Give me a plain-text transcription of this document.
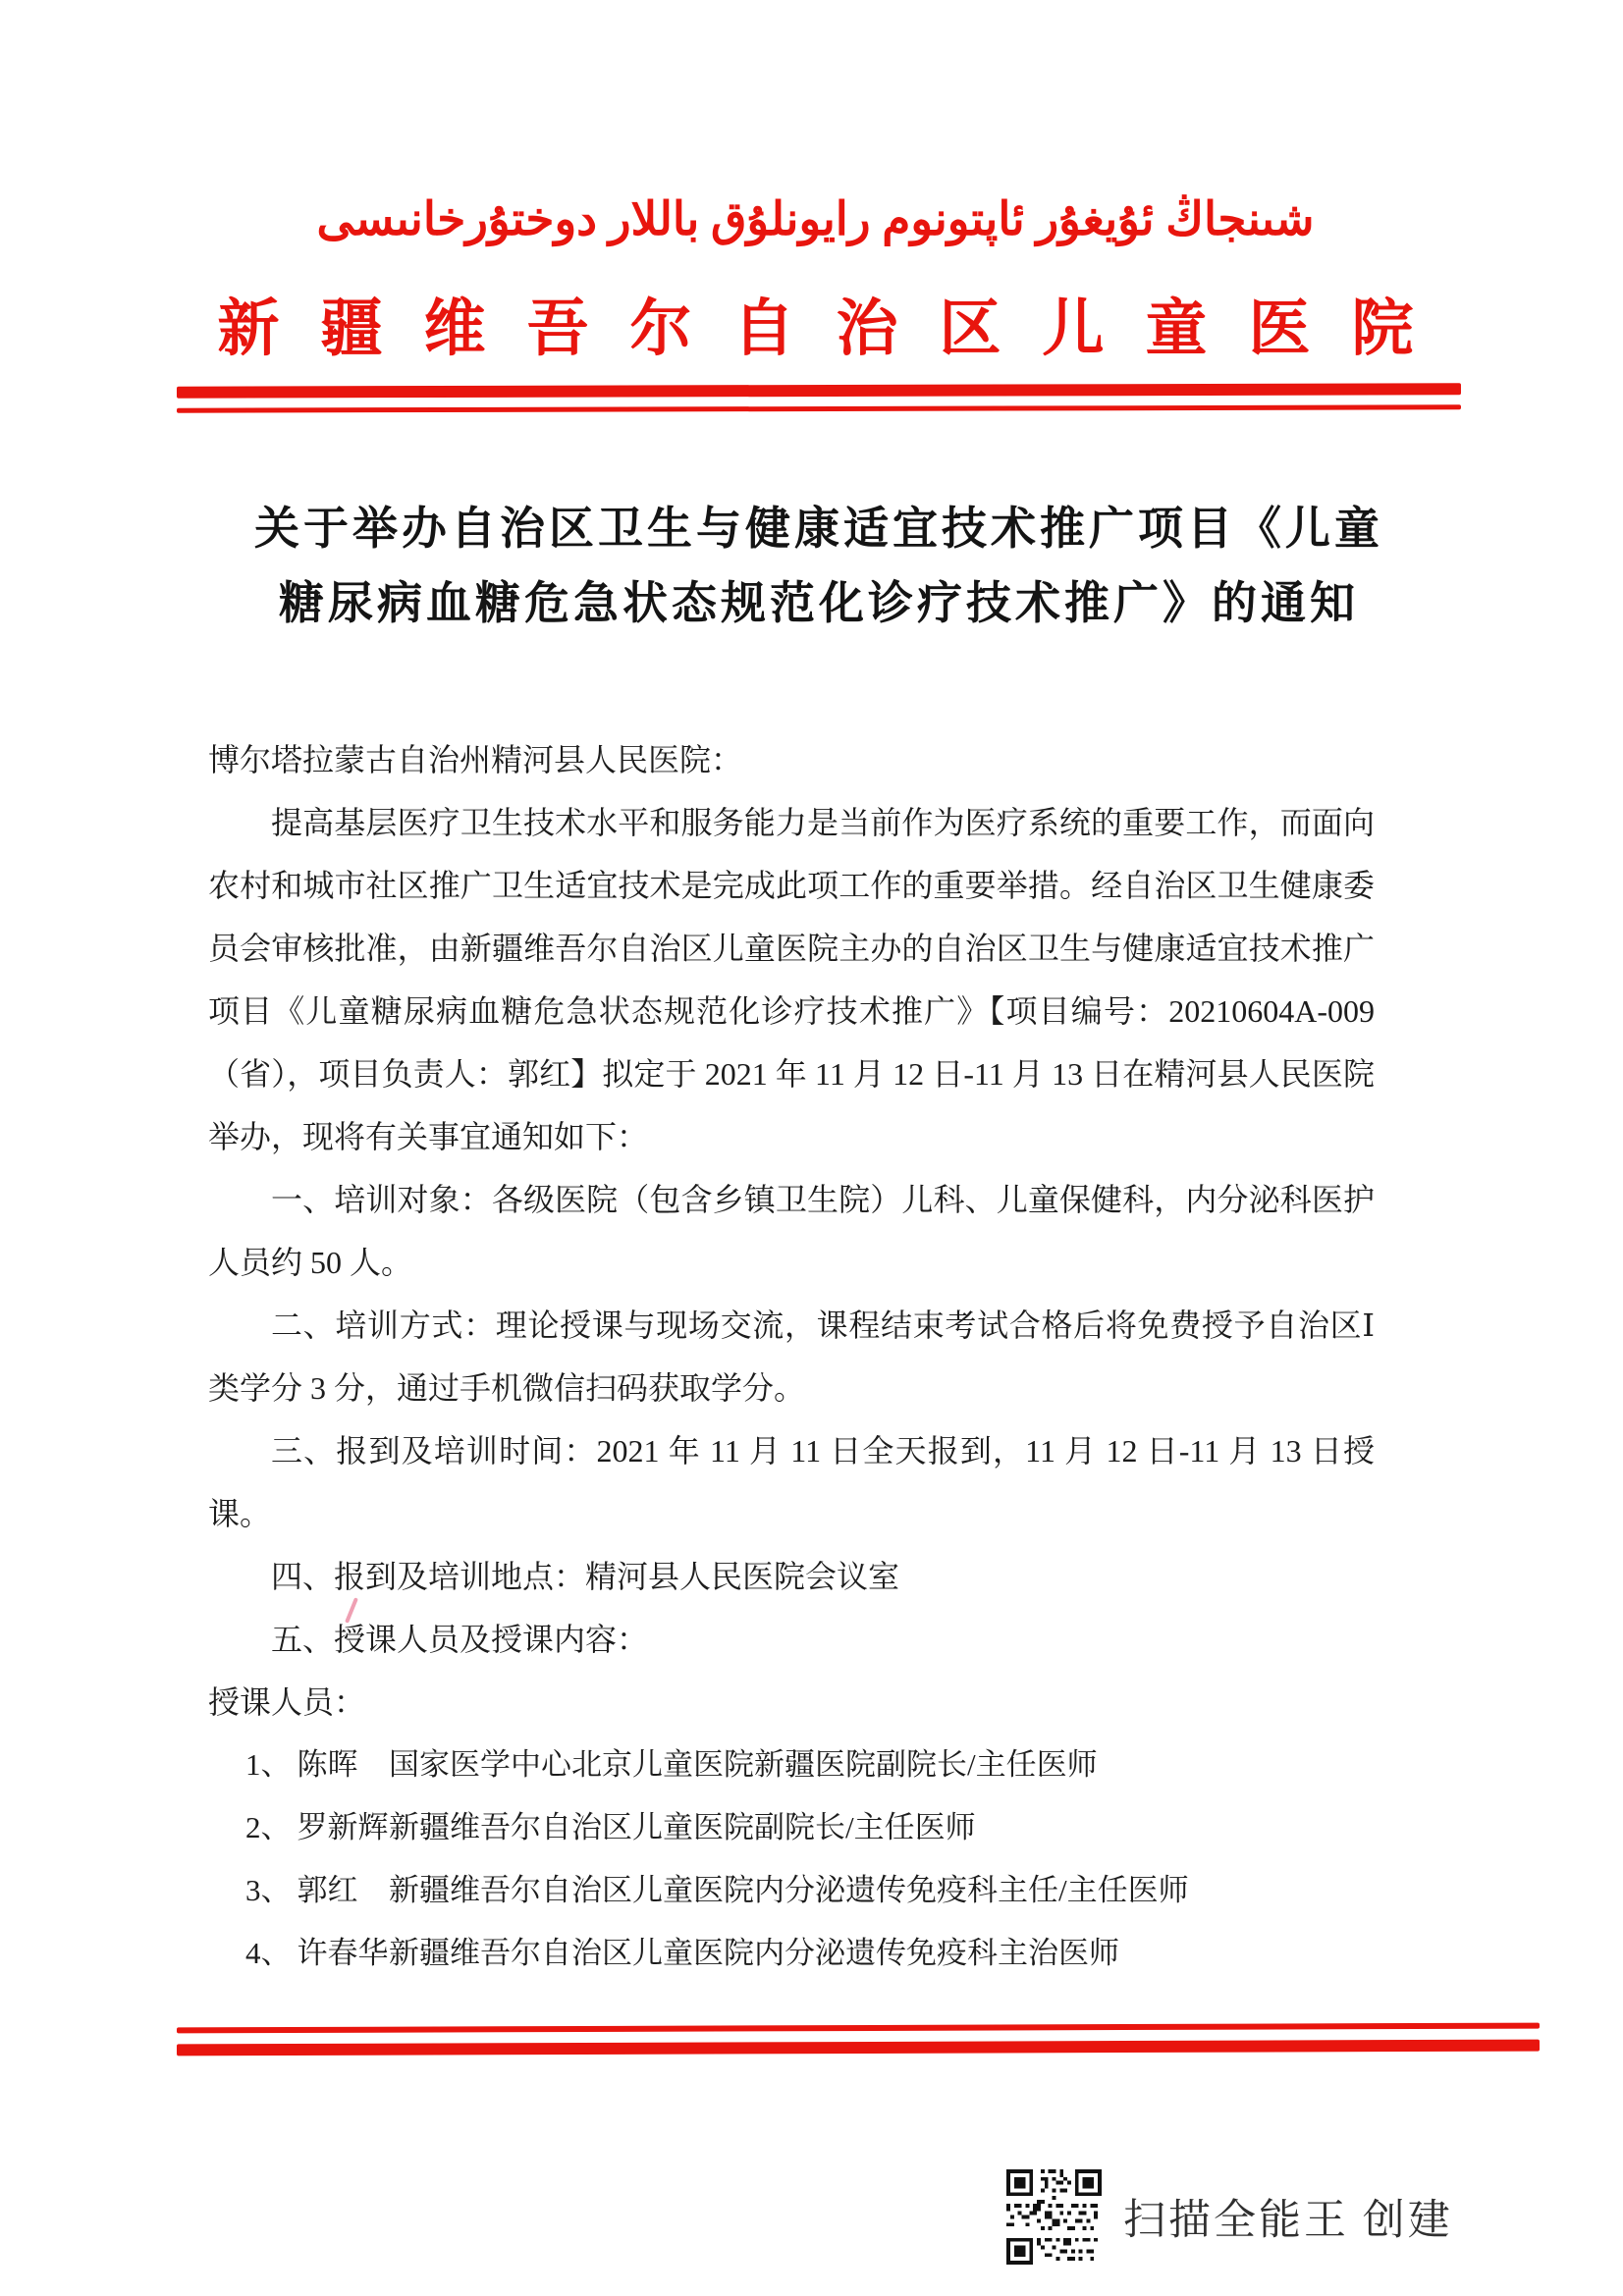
شىنجاڭ ئۇيغۇر ئاپتونوم رايونلۇق باللار دوختۇرخانىسى
新疆维吾尔自治区儿童医院
关于举办自治区卫生与健康适宜技术推广项目《儿童
糖尿病血糖危急状态规范化诊疗技术推广》的通知

博尔塔拉蒙古自治州精河县人民医院：

提高基层医疗卫生技术水平和服务能力是当前作为医疗系统的重要工作，而面向农村和城市社区推广卫生适宜技术是完成此项工作的重要举措。经自治区卫生健康委员会审核批准，由新疆维吾尔自治区儿童医院主办的自治区卫生与健康适宜技术推广项目《儿童糖尿病血糖危急状态规范化诊疗技术推广》【项目编号：20210604A-009（省），项目负责人：郭红】拟定于 2021 年 11 月 12 日-11 月 13 日在精河县人民医院举办，现将有关事宜通知如下：

一、培训对象：各级医院（包含乡镇卫生院）儿科、儿童保健科，内分泌科医护人员约 50 人。

二、培训方式：理论授课与现场交流，课程结束考试合格后将免费授予自治区Ⅰ类学分 3 分，通过手机微信扫码获取学分。

三、报到及培训时间：2021 年 11 月 11 日全天报到，11 月 12 日-11 月 13 日授课。

四、报到及培训地点：精河县人民医院会议室

五、授课人员及授课内容：

授课人员：

1、 陈晖	国家医学中心北京儿童医院新疆医院副院长/主任医师
2、 罗新辉 新疆维吾尔自治区儿童医院副院长/主任医师
3、 郭红	新疆维吾尔自治区儿童医院内分泌遗传免疫科主任/主任医师
4、 许春华 新疆维吾尔自治区儿童医院内分泌遗传免疫科主治医师
扫描全能王 创建
